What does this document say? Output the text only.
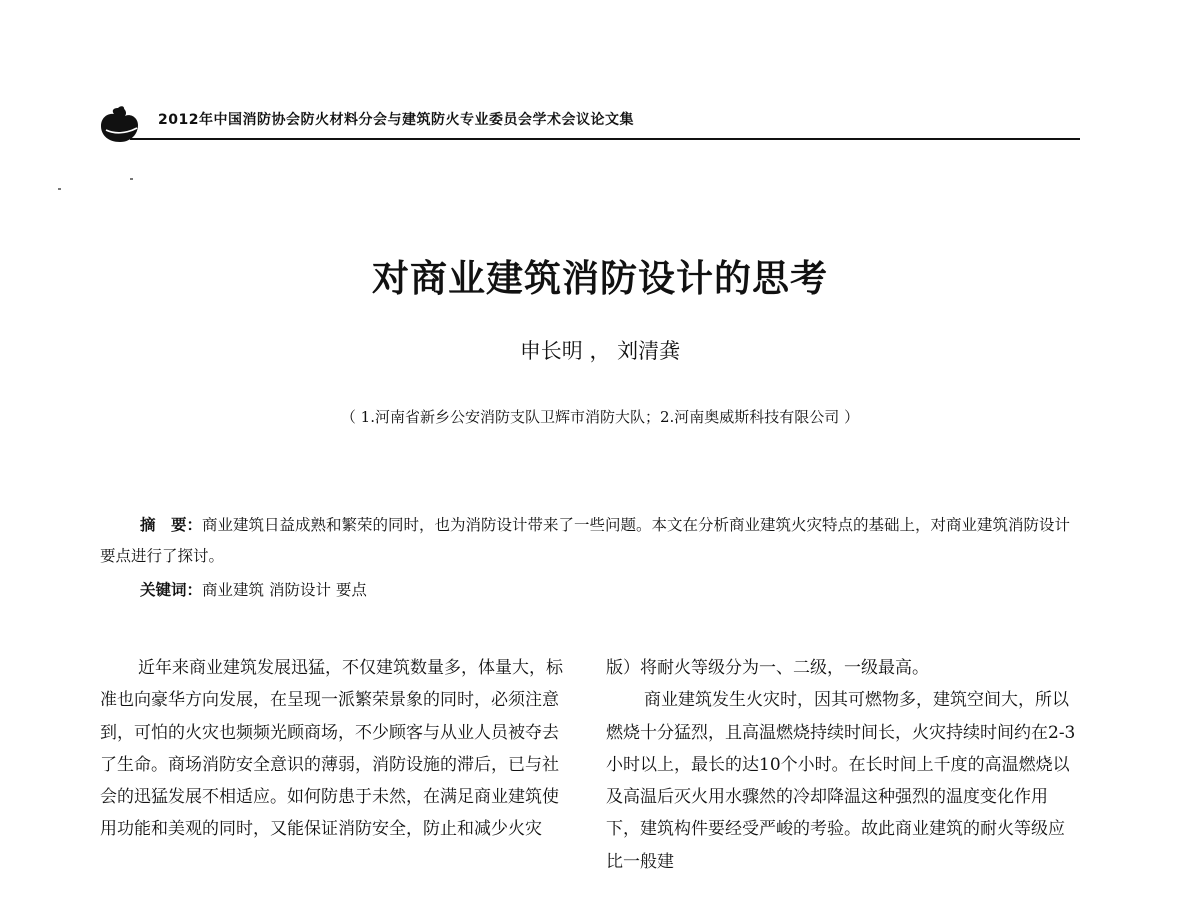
2012年中国消防协会防火材料分会与建筑防火专业委员会学术会议论文集
对商业建筑消防设计的思考
申长明 ， 刘清龚
（ 1.河南省新乡公安消防支队卫辉市消防大队；2.河南奥威斯科技有限公司 ）

摘　要：商业建筑日益成熟和繁荣的同时，也为消防设计带来了一些问题。本文在分析商业建筑火灾特点的基础上，对商业建筑消防设计要点进行了探讨。

关键词：商业建筑 消防设计 要点

近年来商业建筑发展迅猛，不仅建筑数量多，体量大，标准也向豪华方向发展，在呈现一派繁荣景象的同时，必须注意到，可怕的火灾也频频光顾商场，不少顾客与从业人员被夺去了生命。商场消防安全意识的薄弱，消防设施的滞后，已与社会的迅猛发展不相适应。如何防患于未然，在满足商业建筑使用功能和美观的同时，又能保证消防安全，防止和减少火灾

版）将耐火等级分为一、二级，一级最高。

商业建筑发生火灾时，因其可燃物多，建筑空间大，所以燃烧十分猛烈，且高温燃烧持续时间长，火灾持续时间约在2-3小时以上，最长的达10个小时。在长时间上千度的高温燃烧以及高温后灭火用水骤然的冷却降温这种强烈的温度变化作用下，建筑构件要经受严峻的考验。故此商业建筑的耐火等级应比一般建
